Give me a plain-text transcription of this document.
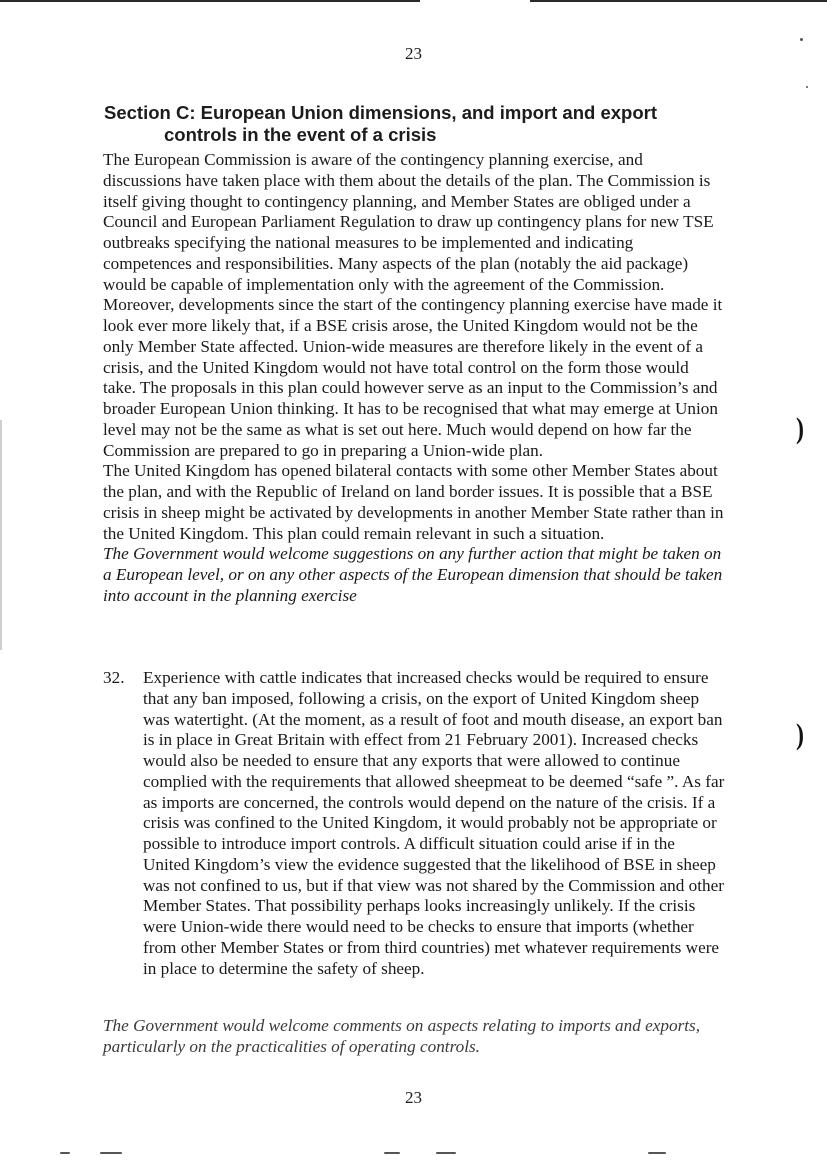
23
Section C: European Union dimensions, and import and export
controls in the event of a crisis

The European Commission is aware of the contingency planning exercise, and discussions have taken place with them about the details of the plan. The Commission is itself giving thought to contingency planning, and Member States are obliged under a Council and European Parliament Regulation to draw up contingency plans for new TSE outbreaks specifying the national measures to be implemented and indicating competences and responsibilities. Many aspects of the plan (notably the aid package) would be capable of implementation only with the agreement of the Commission. Moreover, developments since the start of the contingency planning exercise have made it look ever more likely that, if a BSE crisis arose, the United Kingdom would not be the only Member State affected. Union-wide measures are therefore likely in the event of a crisis, and the United Kingdom would not have total control on the form those would take. The proposals in this plan could however serve as an input to the Commission’s and broader European Union thinking. It has to be recognised that what may emerge at Union level may not be the same as what is set out here. Much would depend on how far the Commission are prepared to go in preparing a Union-wide plan.

The United Kingdom has opened bilateral contacts with some other Member States about the plan, and with the Republic of Ireland on land border issues. It is possible that a BSE crisis in sheep might be activated by developments in another Member State rather than in the United Kingdom. This plan could remain relevant in such a situation.

The Government would welcome suggestions on any further action that might be taken on a European level, or on any other aspects of the European dimension that should be taken into account in the planning exercise

32. Experience with cattle indicates that increased checks would be required to ensure that any ban imposed, following a crisis, on the export of United Kingdom sheep was watertight. (At the moment, as a result of foot and mouth disease, an export ban is in place in Great Britain with effect from 21 February 2001). Increased checks would also be needed to ensure that any exports that were allowed to continue complied with the requirements that allowed sheepmeat to be deemed “safe ”. As far as imports are concerned, the controls would depend on the nature of the crisis. If a crisis was confined to the United Kingdom, it would probably not be appropriate or possible to introduce import controls. A difficult situation could arise if in the United Kingdom’s view the evidence suggested that the likelihood of BSE in sheep was not confined to us, but if that view was not shared by the Commission and other Member States. That possibility perhaps looks increasingly unlikely. If the crisis were Union-wide there would need to be checks to ensure that imports (whether from other Member States or from third countries) met whatever requirements were in place to determine the safety of sheep.

The Government would welcome comments on aspects relating to imports and exports, particularly on the practicalities of operating controls.
23
)
)
